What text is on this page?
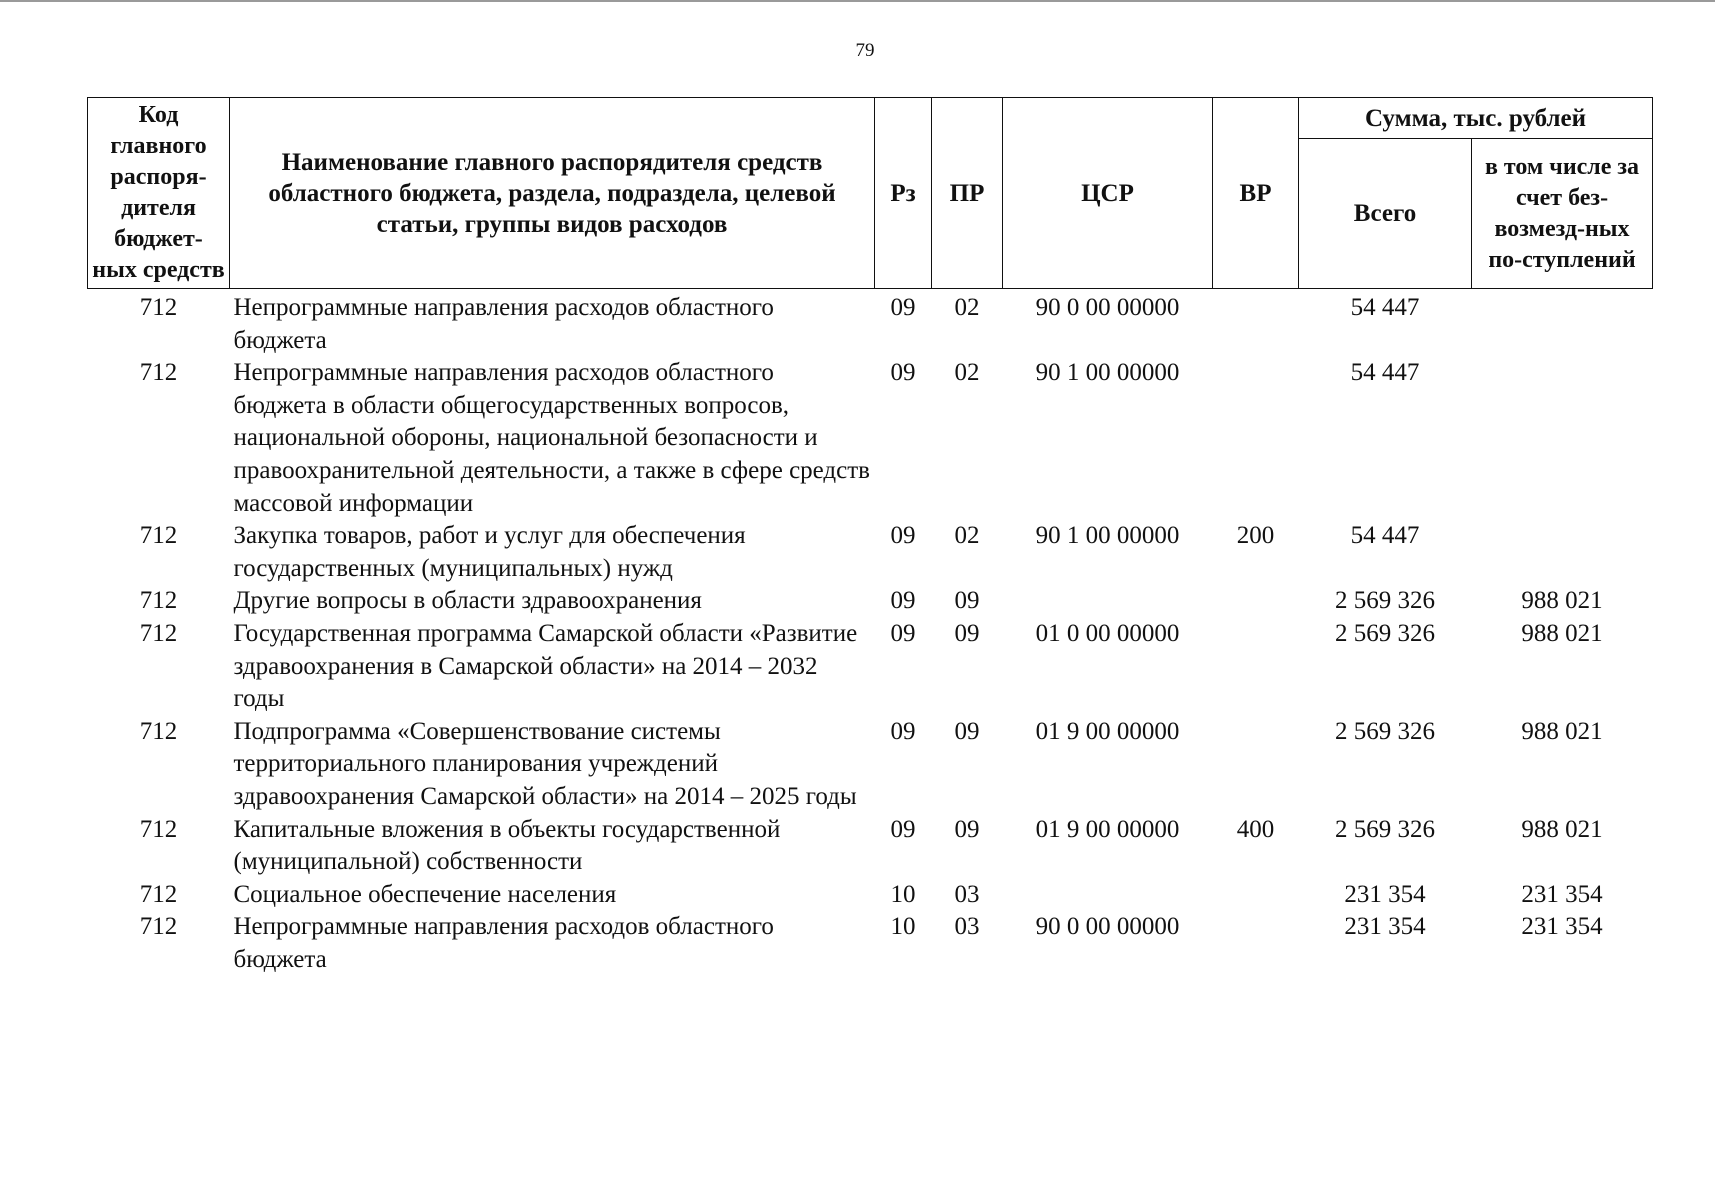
79
Код главного распоря-дителя бюджет-ных средств	Наименование главного распорядителя средств областного бюджета, раздела, подраздела, целевой статьи, группы видов расходов	Рз	ПР	ЦСР	ВР	Сумма, тыс. рублей	
						Всего	в том числе за счет без-возмезд-ных по-ступлений
712	Непрограммные направления расходов областного бюджета	09	02	90 0 00 00000		54 447	
712	Непрограммные направления расходов областного бюджета в области общегосударственных вопросов, национальной обороны, национальной безопасности и правоохранительной деятельности, а также в сфере средств массовой информации	09	02	90 1 00 00000		54 447	
712	Закупка товаров, работ и услуг для обеспечения государственных (муниципальных) нужд	09	02	90 1 00 00000	200	54 447	
712	Другие вопросы в области здравоохранения	09	09			2 569 326	988 021
712	Государственная программа Самарской области «Развитие здравоохранения в Самарской области» на 2014 – 2032 годы	09	09	01 0 00 00000		2 569 326	988 021
712	Подпрограмма «Совершенствование системы территориального планирования учреждений здравоохранения Самарской области» на 2014 – 2025 годы	09	09	01 9 00 00000		2 569 326	988 021
712	Капитальные вложения в объекты государственной (муниципальной) собственности	09	09	01 9 00 00000	400	2 569 326	988 021
712	Социальное обеспечение населения	10	03			231 354	231 354
712	Непрограммные направления расходов областного бюджета	10	03	90 0 00 00000		231 354	231 354
